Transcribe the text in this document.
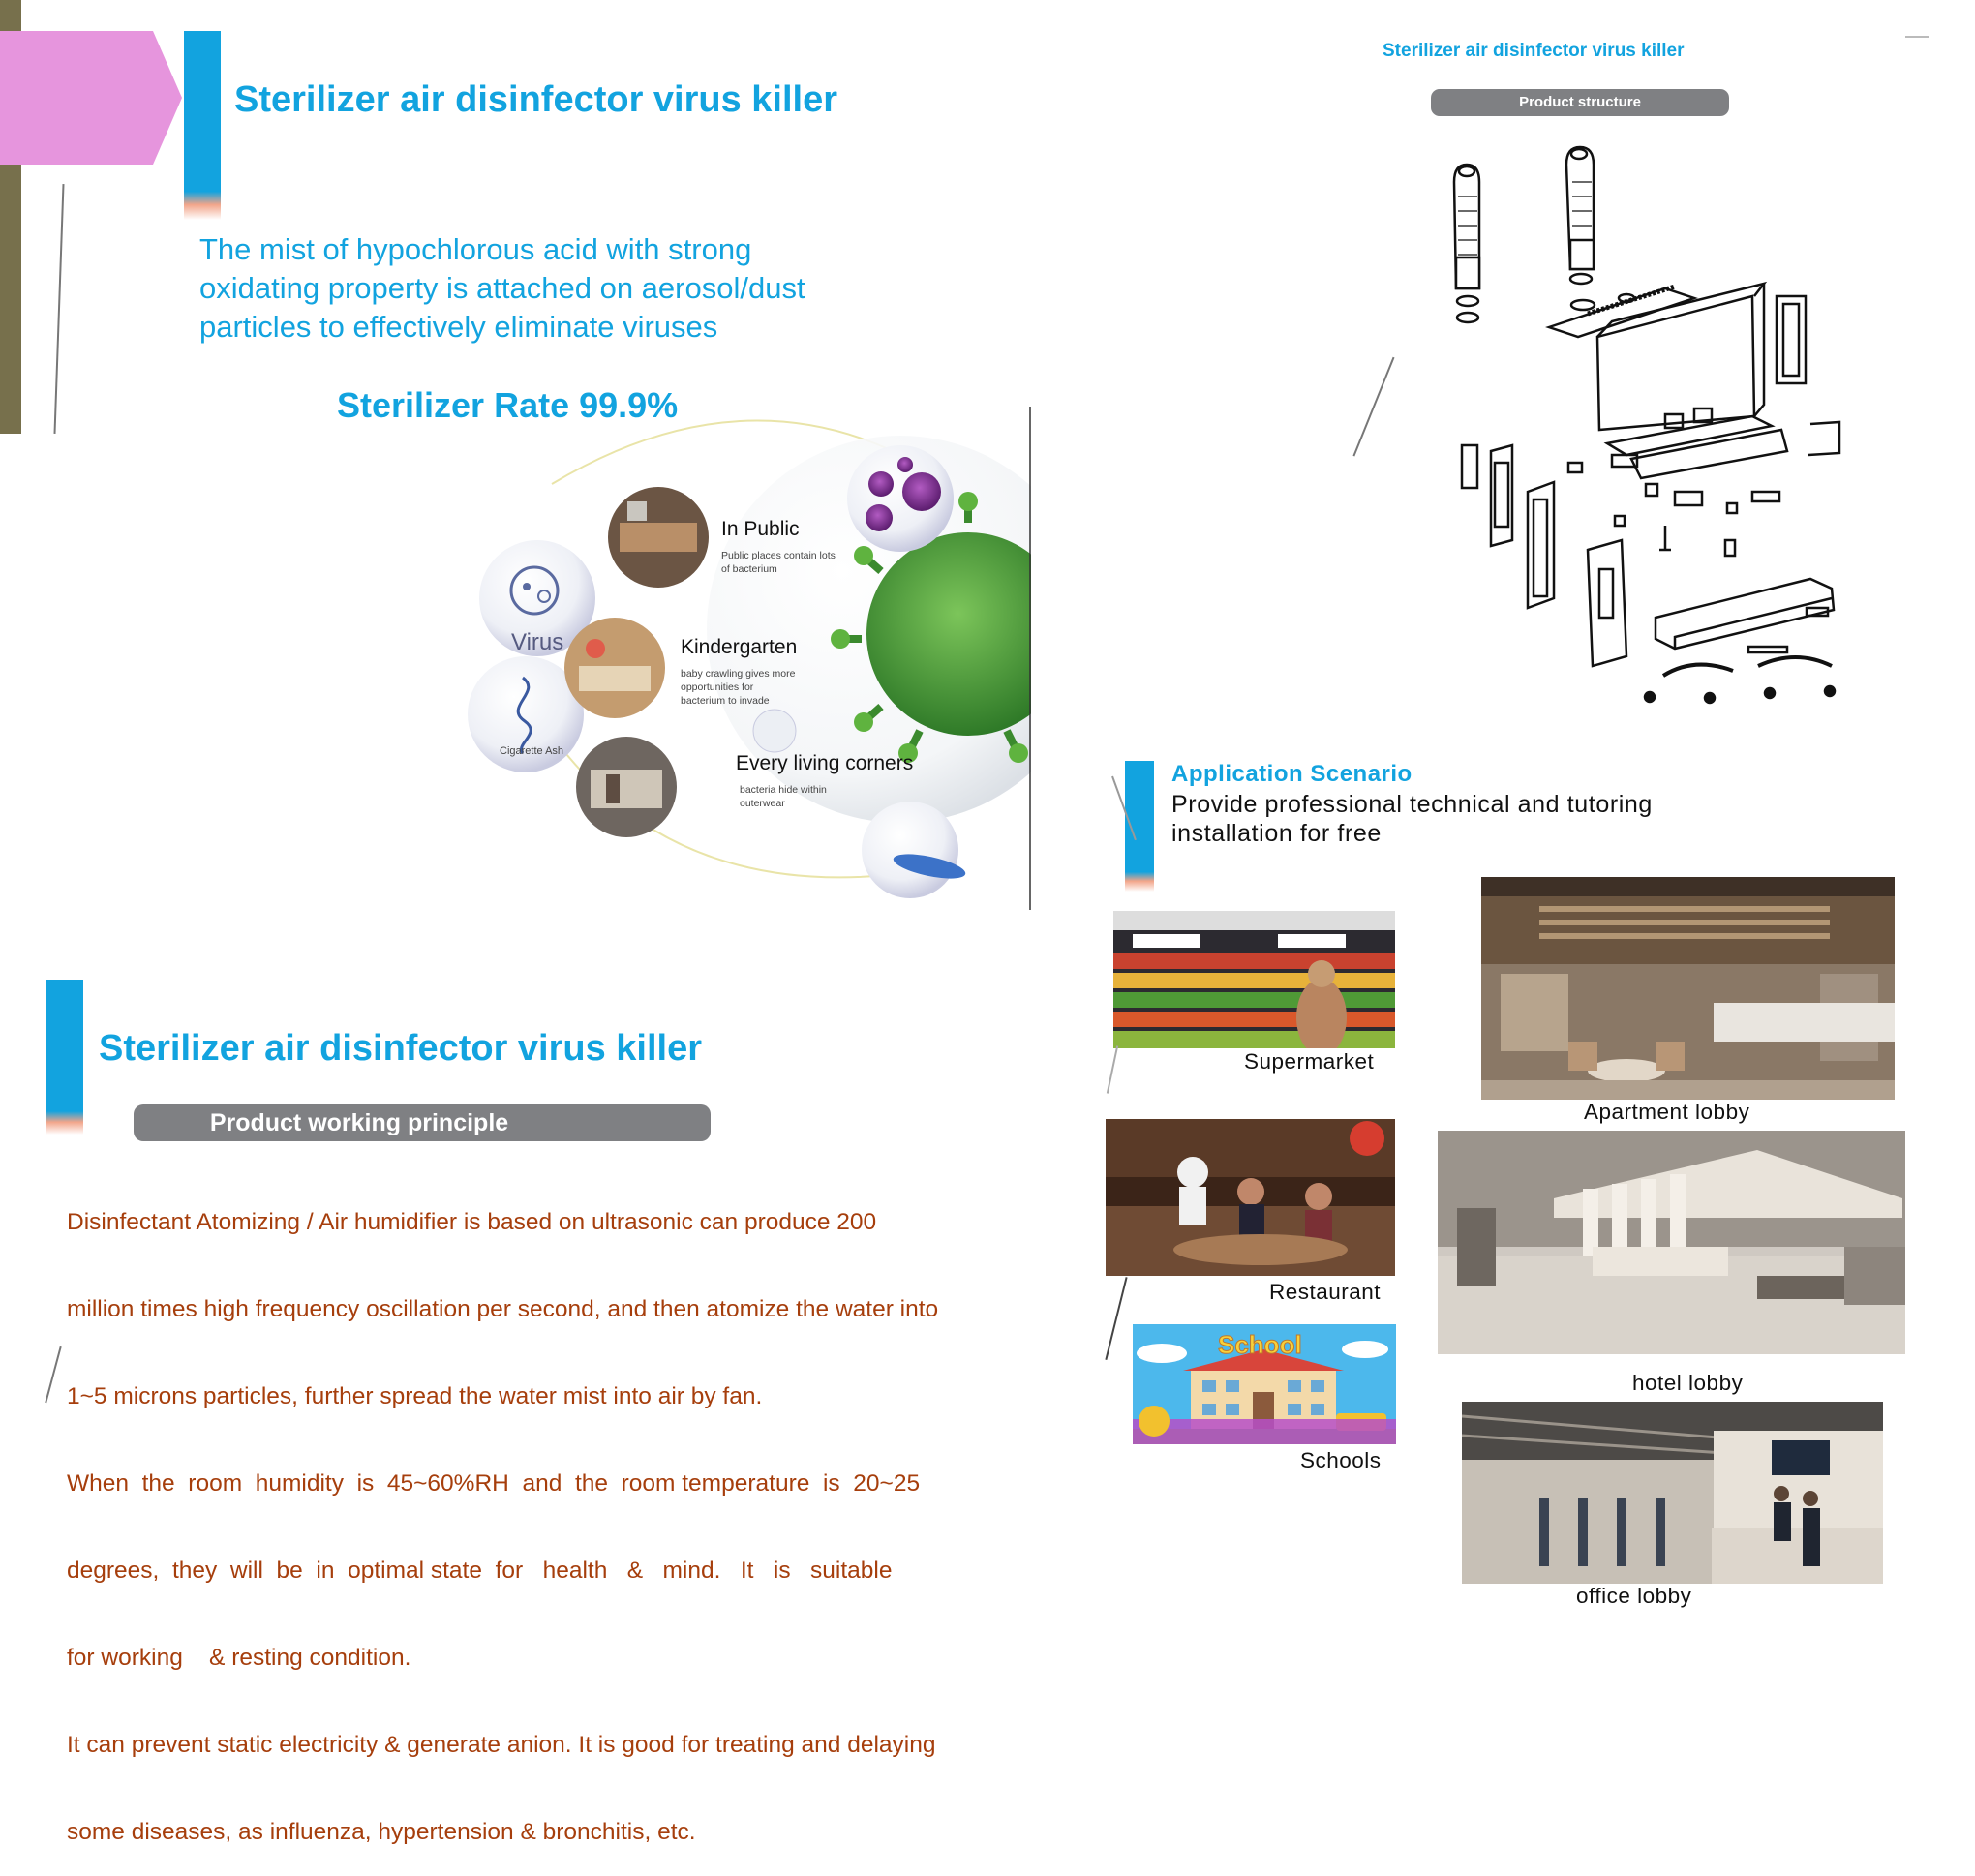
Sterilizer air disinfector virus killer
The mist of hypochlorous acid with strong
oxidating property is attached on aerosol/dust
particles to effectively eliminate viruses
Sterilizer Rate 99.9%
Virus
Cigarette Ash
In Public
Public places contain lots
of bacterium
Kindergarten
baby crawling gives more
opportunities for
bacterium to invade
Every living corners
bacteria hide within
outerwear
Sterilizer air disinfector virus killer
Product working principle

Disinfectant Atomizing / Air humidifier is based on ultrasonic can produce 200

million times high frequency oscillation per second, and then atomize the water into

1~5 microns particles, further spread the water mist into air by fan.

When  the  room  humidity  is  45~60%RH  and  the  room temperature  is  20~25

degrees,  they  will  be  in  optimal state  for   health   &   mind.   It   is   suitable

for working    & resting condition.

It can prevent static electricity & generate anion. It is good for treating and delaying

some diseases, as influenza, hypertension & bronchitis, etc.

Sterilizer air disinfector virus killer
Product structure
Application Scenario
Provide professional technical and tutoring
installation for free
Supermarket
Restaurant
School
Schools
Apartment lobby
hotel lobby
office lobby
